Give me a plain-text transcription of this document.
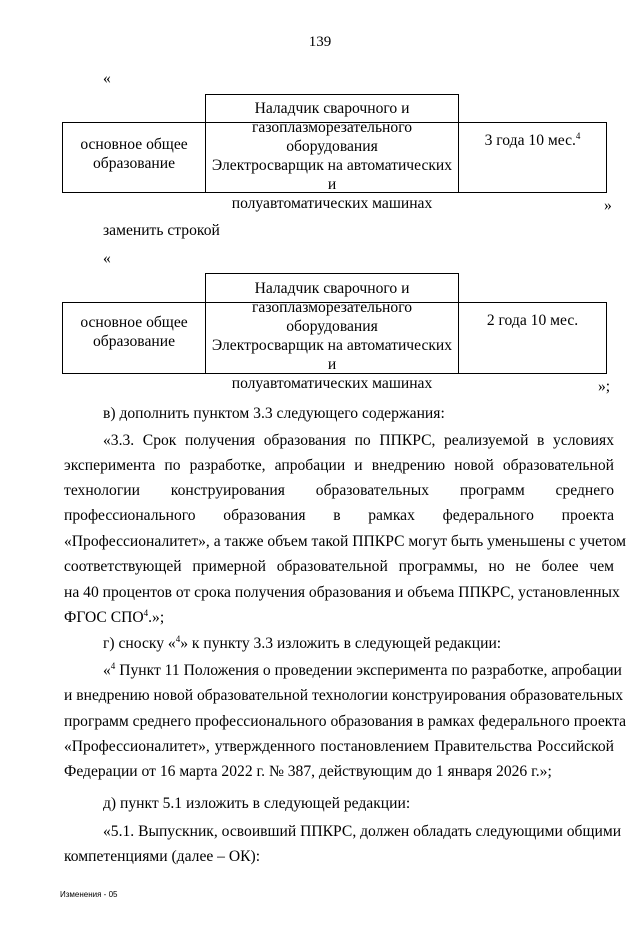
139
«
основное общее образование
Наладчик сварочного и
газоплазморезательного
оборудования
Электросварщик на автоматических и
полуавтоматических машинах
3 года 10 мес.$^4$
»
заменить строкой
«
основное общее образование
Наладчик сварочного и
газоплазморезательного
оборудования
Электросварщик на автоматических и
полуавтоматических машинах
2 года 10 мес.
»;
в) дополнить пунктом 3.3 следующего содержания:
«3.3. Срок получения образования по ППКРС, реализуемой в условиях
эксперимента по разработке, апробации и внедрению новой образовательной
технологии конструирования образовательных программ среднего
профессионального образования в рамках федерального проекта
«Профессионалитет», а также объем такой ППКРС могут быть уменьшены с учетом
соответствующей примерной образовательной программы, но не более чем
на 40 процентов от срока получения образования и объема ППКРС, установленных
ФГОС СПО$^4$.»;
г) сноску «$^4$» к пункту 3.3 изложить в следующей редакции:
«$^4$ Пункт 11 Положения о проведении эксперимента по разработке, апробации
и внедрению новой образовательной технологии конструирования образовательных
программ среднего профессионального образования в рамках федерального проекта
«Профессионалитет», утвержденного постановлением Правительства Российской
Федерации от 16 марта 2022 г. № 387, действующим до 1 января 2026 г.»;
д) пункт 5.1 изложить в следующей редакции:
«5.1. Выпускник, освоивший ППКРС, должен обладать следующими общими
компетенциями (далее – ОК):
Изменения - 05
